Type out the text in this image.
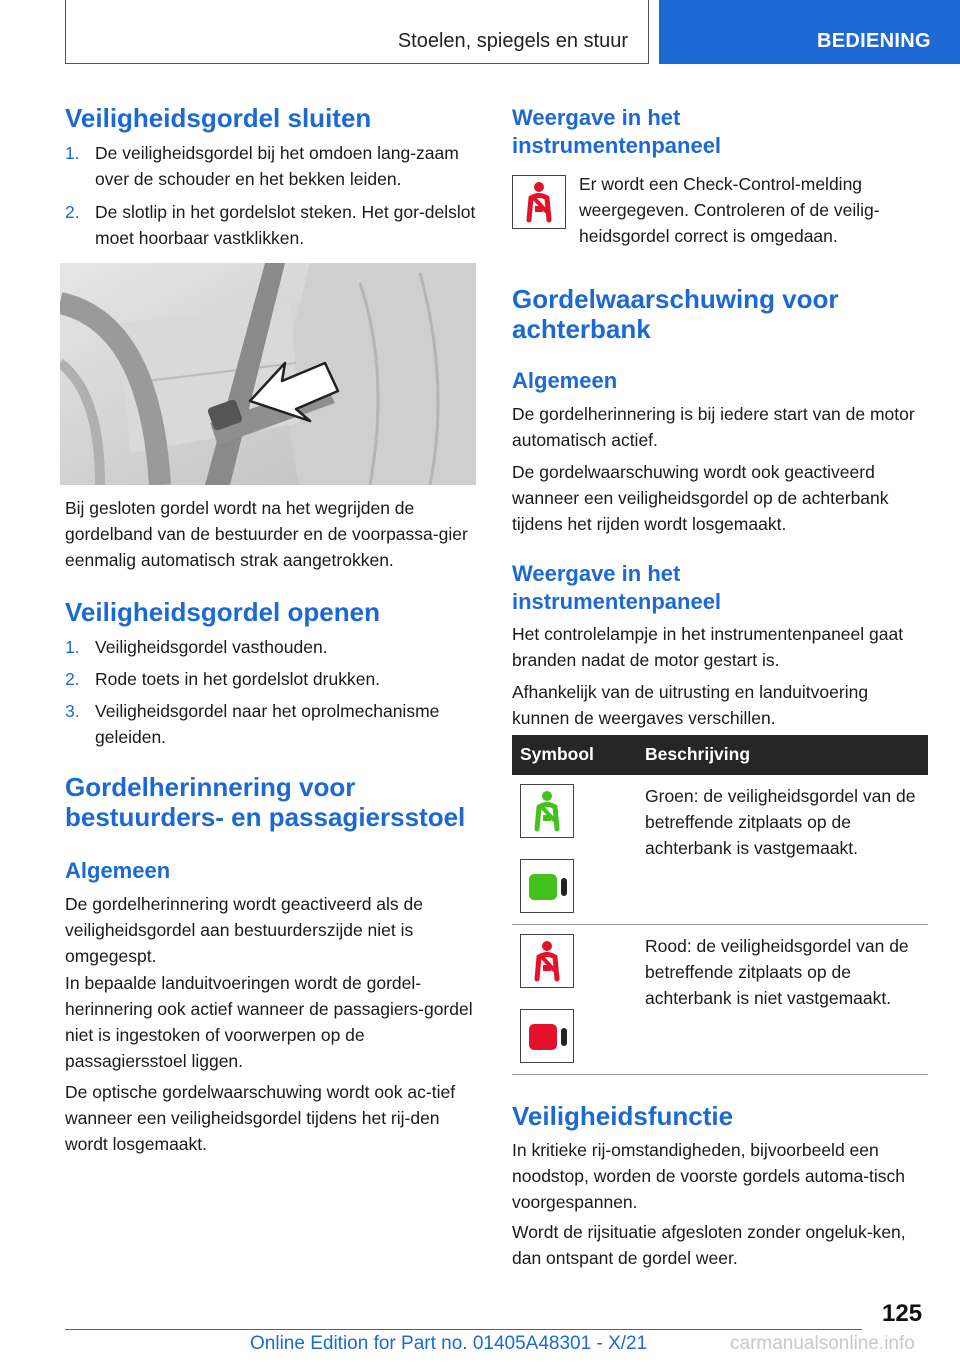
Stoelen, spiegels en stuur	BEDIENING
Veiligheidsgordel sluiten
1. De veiligheidsgordel bij het omdoen lang-zaam over de schouder en het bekken leiden.
2. De slotlip in het gordelslot steken. Het gor-delslot moet hoorbaar vastklikken.

Bij gesloten gordel wordt na het wegrijden de gordelband van de bestuurder en de voorpassa-gier eenmalig automatisch strak aangetrokken.

Veiligheidsgordel openen
1. Veiligheidsgordel vasthouden.
2. Rode toets in het gordelslot drukken.
3. Veiligheidsgordel naar het oprolmechanisme geleiden.
Gordelherinnering voor bestuurders- en passagiersstoel
Algemeen

De gordelherinnering wordt geactiveerd als de veiligheidsgordel aan bestuurderszijde niet is omgegespt.

In bepaalde landuitvoeringen wordt de gordel-herinnering ook actief wanneer de passagiers-gordel niet is ingestoken of voorwerpen op de passagiersstoel liggen.

De optische gordelwaarschuwing wordt ook ac-tief wanneer een veiligheidsgordel tijdens het rij-den wordt losgemaakt.

Weergave in het instrumentenpaneel

Er wordt een Check-Control-melding weergegeven. Controleren of de veilig-heidsgordel correct is omgedaan.

Gordelwaarschuwing voor achterbank
Algemeen

De gordelherinnering is bij iedere start van de motor automatisch actief.

De gordelwaarschuwing wordt ook geactiveerd wanneer een veiligheidsgordel op de achterbank tijdens het rijden wordt losgemaakt.

Weergave in het instrumentenpaneel

Het controlelampje in het instrumentenpaneel gaat branden nadat de motor gestart is.

Afhankelijk van de uitrusting en landuitvoering kunnen de weergaves verschillen.

Symbool	Beschrijving

Groen: de veiligheidsgordel van de betreffende zitplaats op de achterbank is vastgemaakt.

Rood: de veiligheidsgordel van de betreffende zitplaats op de achterbank is niet vastgemaakt.

Veiligheidsfunctie

In kritieke rij-omstandigheden, bijvoorbeeld een noodstop, worden de voorste gordels automa-tisch voorgespannen.

Wordt de rijsituatie afgesloten zonder ongeluk-ken, dan ontspant de gordel weer.

125
Online Edition for Part no. 01405A48301 - X/21	carmanualsonline.info
